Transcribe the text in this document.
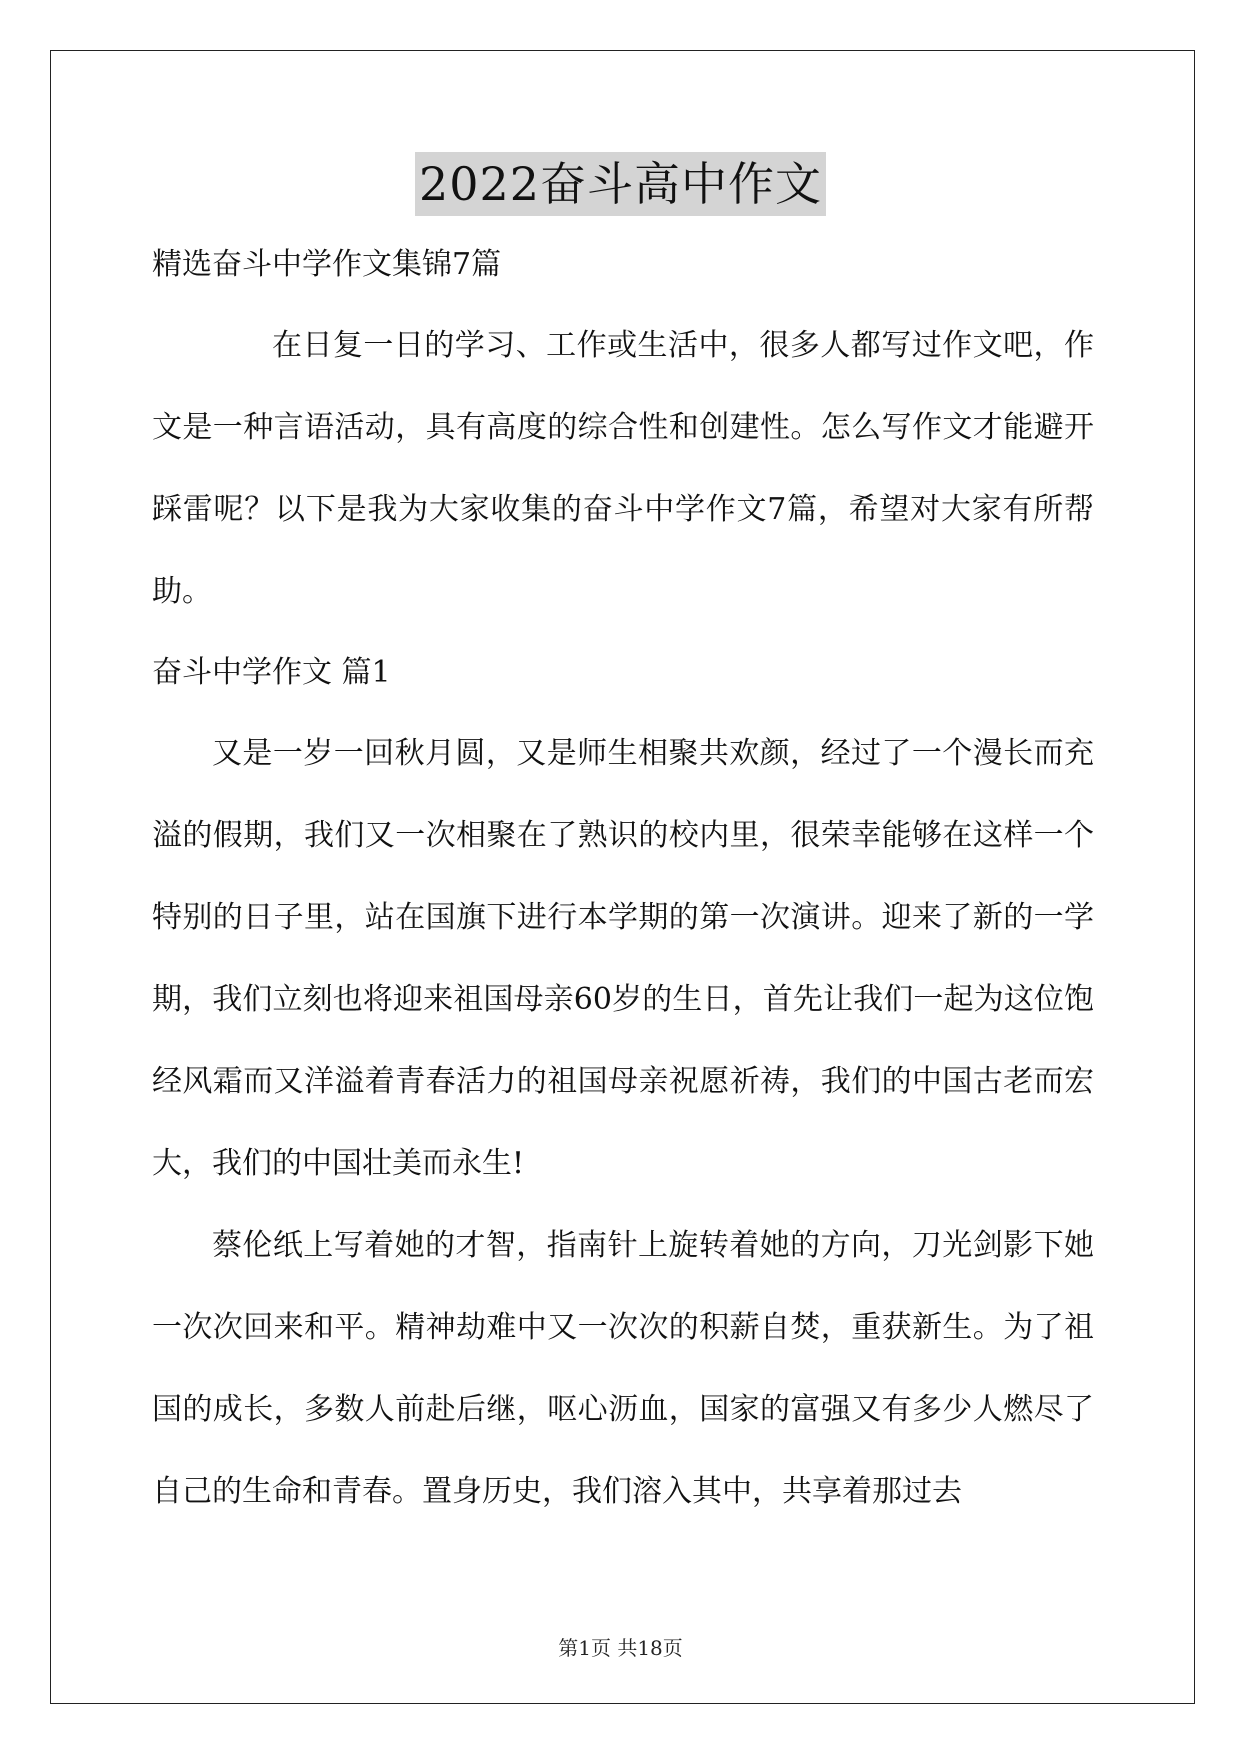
2022奋斗高中作文

精选奋斗中学作文集锦7篇

在日复一日的学习、工作或生活中，很多人都写过作文吧，作文是一种言语活动，具有高度的综合性和创建性。怎么写作文才能避开踩雷呢？以下是我为大家收集的奋斗中学作文7篇，希望对大家有所帮助。

奋斗中学作文 篇1

又是一岁一回秋月圆，又是师生相聚共欢颜，经过了一个漫长而充溢的假期，我们又一次相聚在了熟识的校内里，很荣幸能够在这样一个特别的日子里，站在国旗下进行本学期的第一次演讲。迎来了新的一学期，我们立刻也将迎来祖国母亲60岁的生日，首先让我们一起为这位饱经风霜而又洋溢着青春活力的祖国母亲祝愿祈祷，我们的中国古老而宏大，我们的中国壮美而永生!

蔡伦纸上写着她的才智，指南针上旋转着她的方向，刀光剑影下她一次次回来和平。精神劫难中又一次次的积薪自焚，重获新生。为了祖国的成长，多数人前赴后继，呕心沥血，国家的富强又有多少人燃尽了自己的生命和青春。置身历史，我们溶入其中，共享着那过去

第1页 共18页
